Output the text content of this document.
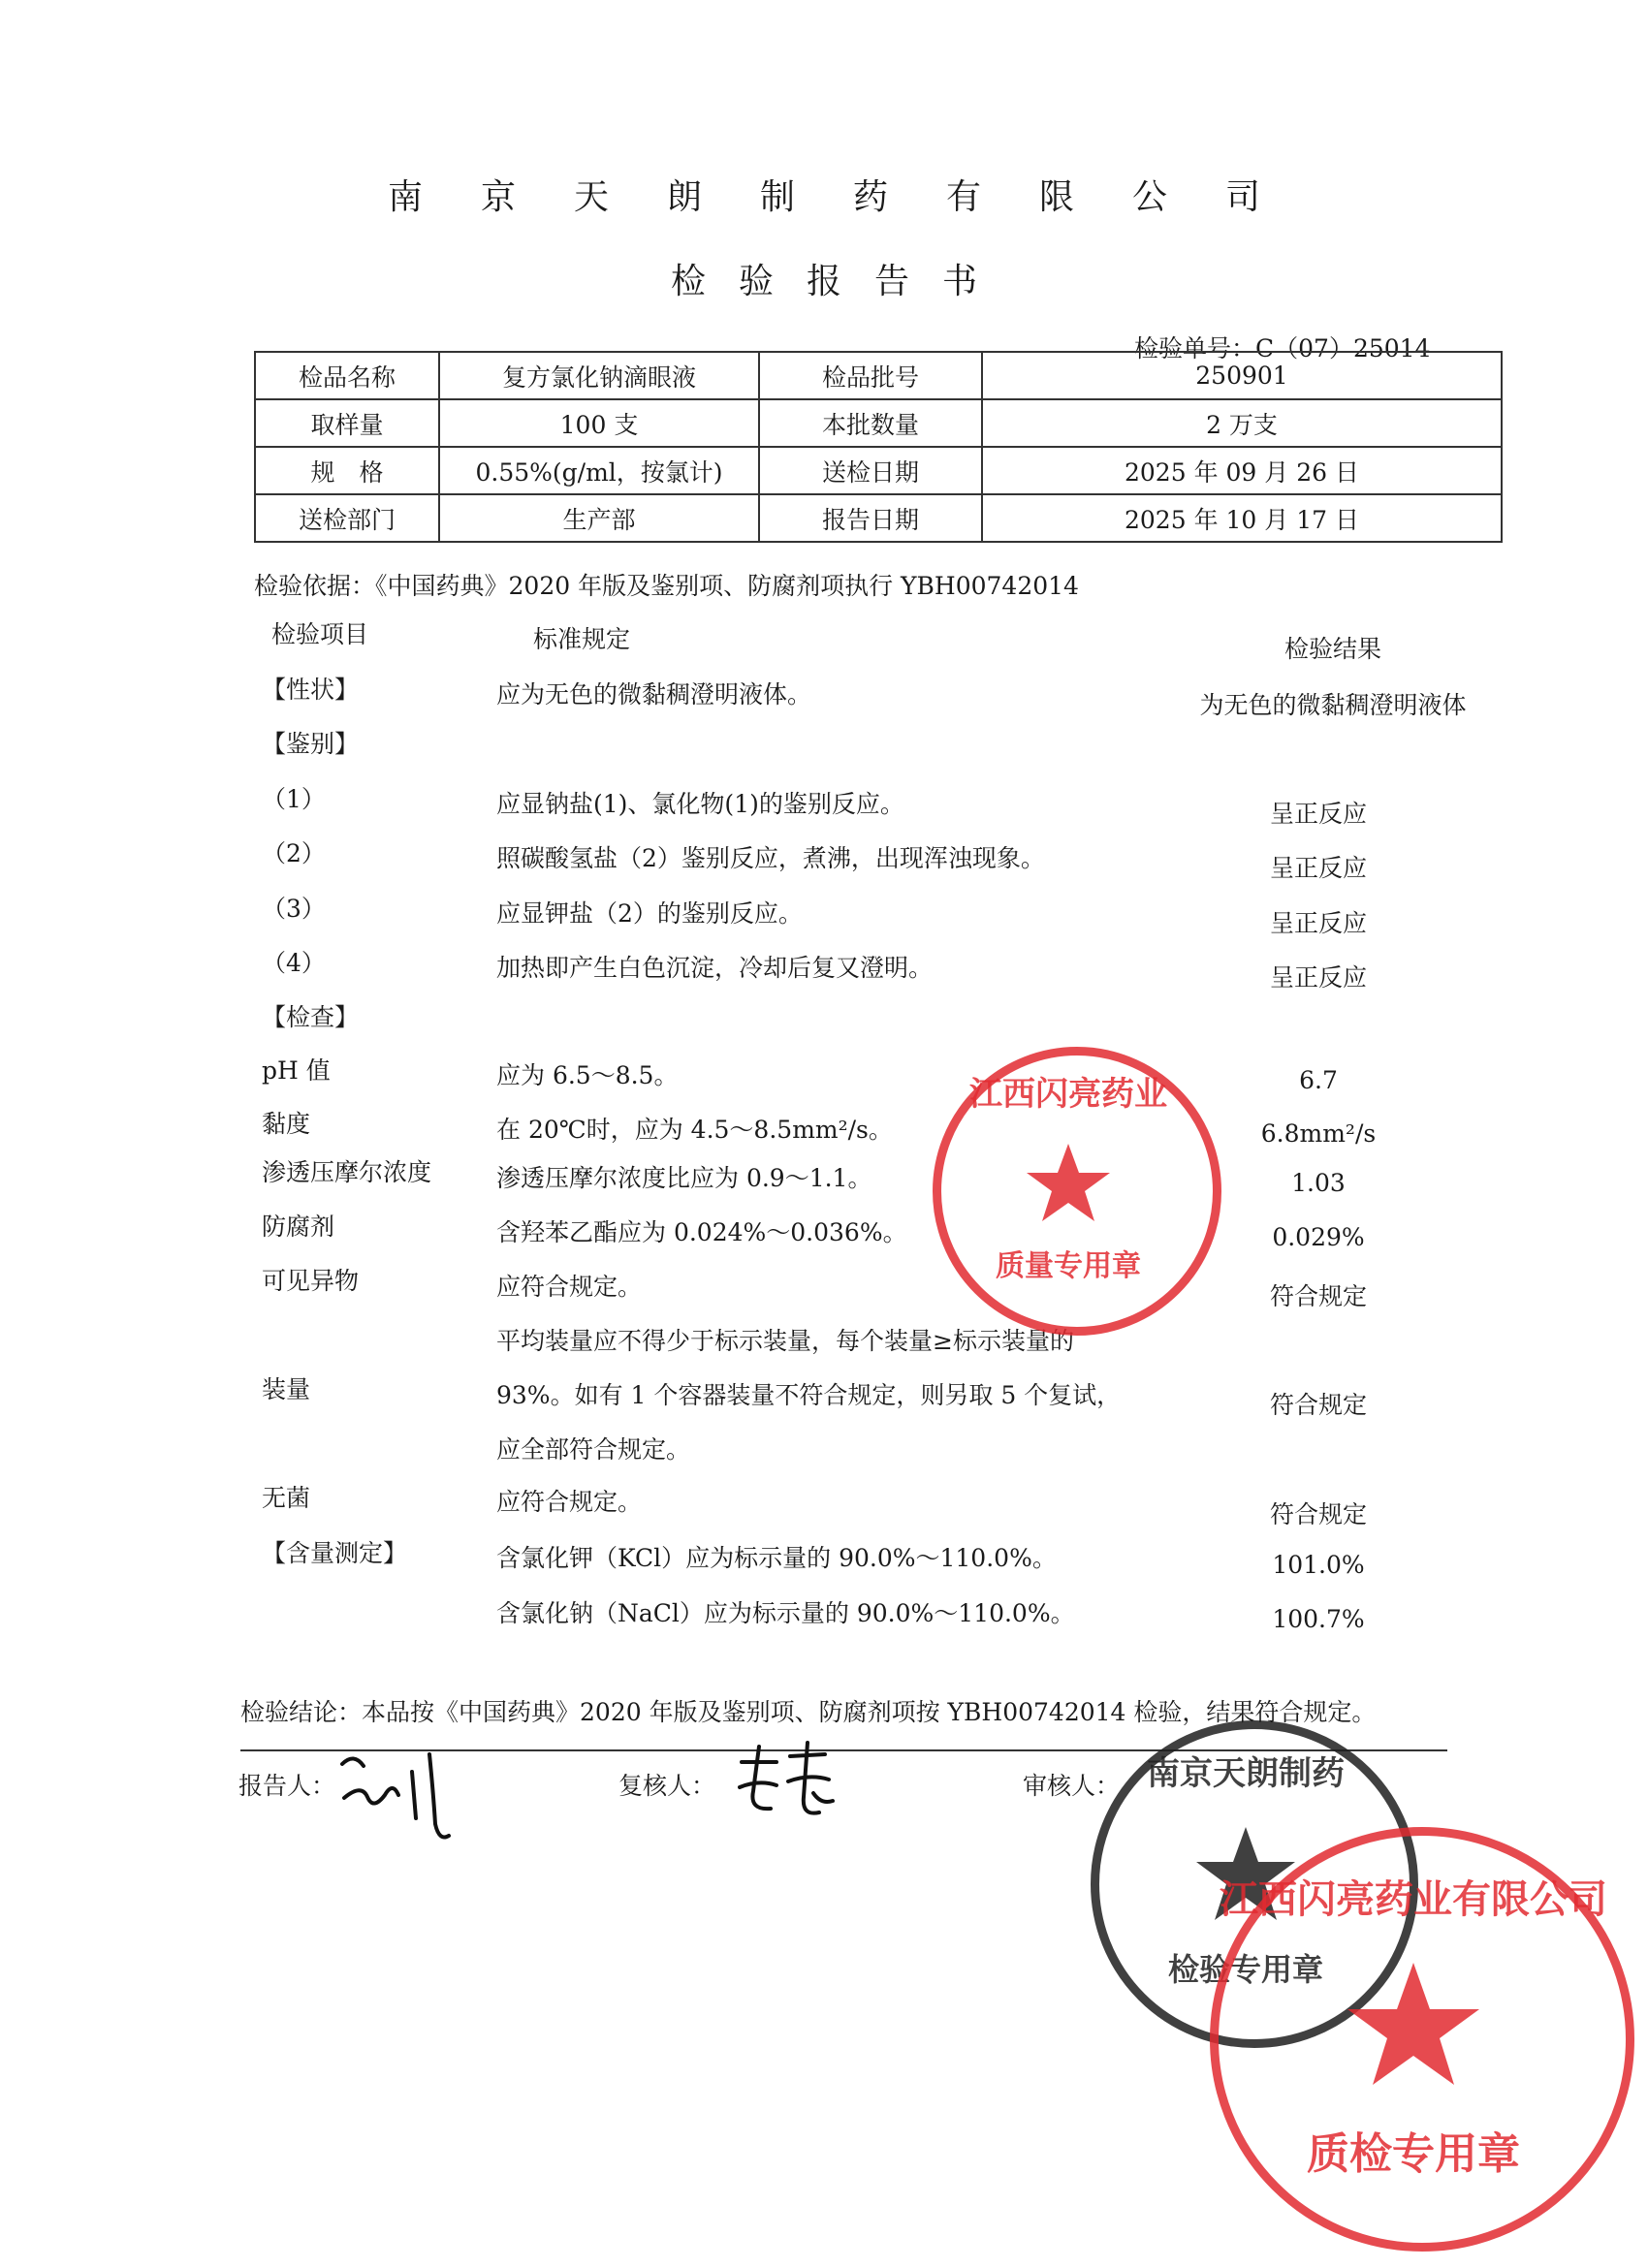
南京天朗制药有限公司
检验报告书
检验单号：C（07）25014
检品名称	复方氯化钠滴眼液	检品批号	250901
取样量	100 支	本批数量	2 万支
规　格	0.55%(g/ml，按氯计)	送检日期	2025 年 09 月 26 日
送检部门	生产部	报告日期	2025 年 10 月 17 日
检验依据：《中国药典》2020 年版及鉴别项、防腐剂项执行 YBH00742014
检验项目	标准规定	检验结果
【性状】	应为无色的微黏稠澄明液体。	为无色的微黏稠澄明液体
【鉴别】
（1）	应显钠盐(1)、氯化物(1)的鉴别反应。	呈正反应
（2）	照碳酸氢盐（2）鉴别反应，煮沸，出现浑浊现象。	呈正反应
（3）	应显钾盐（2）的鉴别反应。	呈正反应
（4）	加热即产生白色沉淀，冷却后复又澄明。	呈正反应
【检查】
pH 值	应为 6.5～8.5。	6.7
黏度	在 20℃时，应为 4.5～8.5mm²/s。	6.8mm²/s
渗透压摩尔浓度	渗透压摩尔浓度比应为 0.9～1.1。	1.03
防腐剂	含羟苯乙酯应为 0.024%～0.036%。	0.029%
可见异物	应符合规定。	符合规定
平均装量应不得少于标示装量，每个装量≥标示装量的
装量	93%。如有 1 个容器装量不符合规定，则另取 5 个复试，	符合规定
应全部符合规定。
无菌	应符合规定。	符合规定
【含量测定】	含氯化钾（KCl）应为标示量的 90.0%～110.0%。	101.0%
含氯化钠（NaCl）应为标示量的 90.0%～110.0%。	100.7%
检验结论：本品按《中国药典》2020 年版及鉴别项、防腐剂项按 YBH00742014 检验，结果符合规定。
报告人：	复核人：	审核人：
江西闪亮药业
质量专用章
南京天朗制药
检验专用章
江西闪亮药业有限公司
质检专用章
